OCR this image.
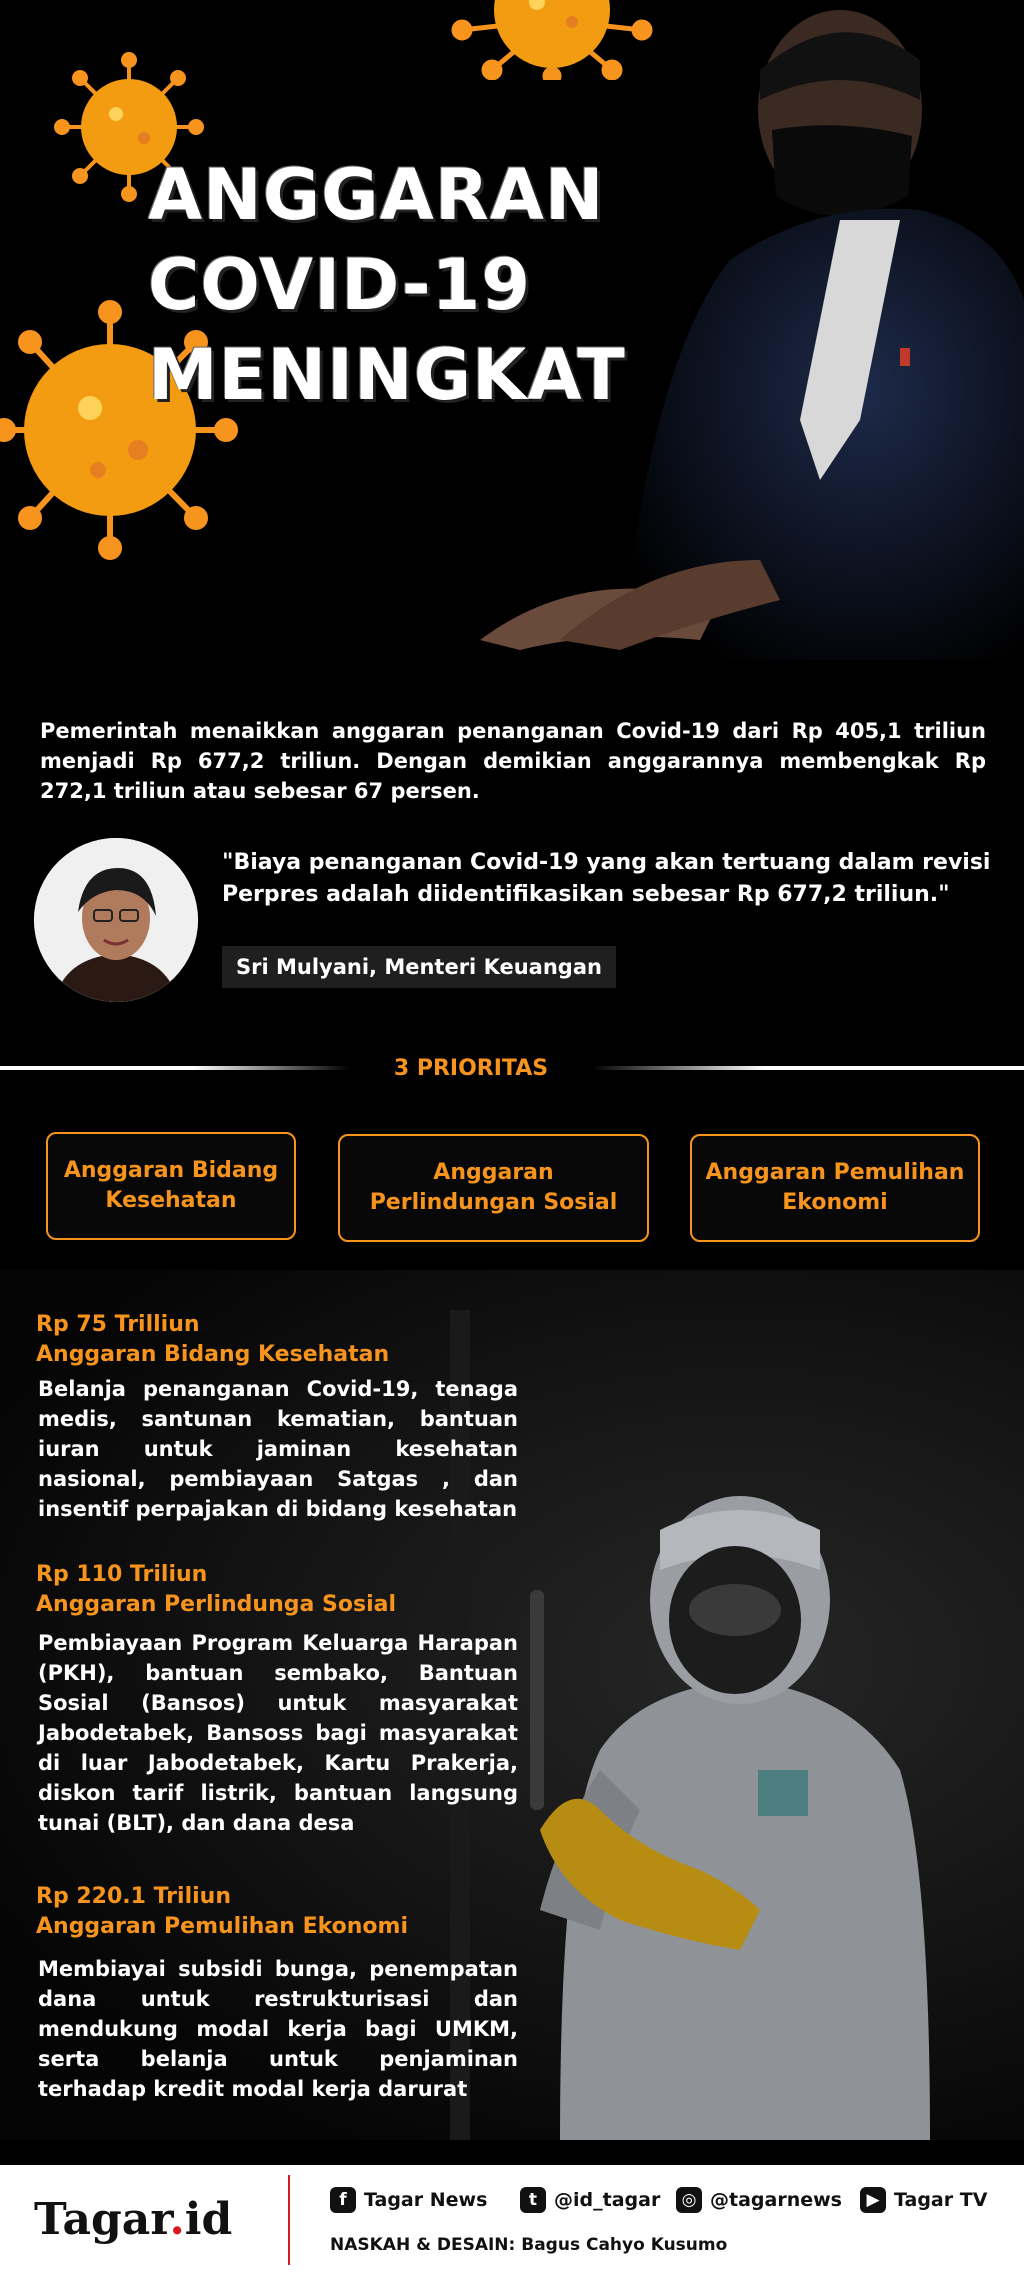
ANGGARAN
COVID-19
MENINGKAT

Pemerintah menaikkan anggaran penanganan Covid-19 dari Rp 405,1 triliun menjadi Rp 677,2 triliun. Dengan demikian anggarannya membengkak Rp 272,1 triliun atau sebesar 67 persen.

"Biaya penanganan Covid-19 yang akan tertuang dalam revisi Perpres adalah diidentifikasikan sebesar Rp 677,2 triliun."

Sri Mulyani, Menteri Keuangan
3 PRIORITAS
Anggaran Bidang Kesehatan
Anggaran Perlindungan Sosial
Anggaran Pemulihan Ekonomi
Rp 75 Trilliun
Anggaran Bidang Kesehatan

Belanja penanganan Covid-19, tenaga medis, santunan kematian, bantuan iuran untuk jaminan kesehatan nasional, pembiayaan Satgas , dan insentif perpajakan di bidang kesehatan

Rp 110 Triliun
Anggaran Perlindunga Sosial

Pembiayaan Program Keluarga Harapan (PKH), bantuan sembako, Bantuan Sosial (Bansos) untuk masyarakat Jabodetabek, Bansoss bagi masyarakat di luar Jabodetabek, Kartu Prakerja, diskon tarif listrik, bantuan langsung tunai (BLT), dan dana desa

Rp 220.1 Triliun
Anggaran Pemulihan Ekonomi

Membiayai subsidi bunga, penempatan dana untuk restrukturisasi dan mendukung modal kerja bagi UMKM, serta belanja untuk penjaminan terhadap kredit modal kerja darurat

Tagar.id	f Tagar News	t @id_tagar	◎ @tagarnews	▶ Tagar TV
NASKAH & DESAIN: Bagus Cahyo Kusumo
